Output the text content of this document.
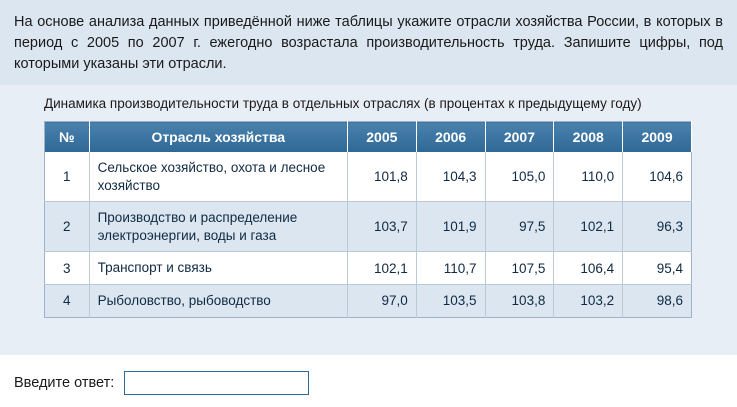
На основе анализа данных приведённой ниже таблицы укажите отрасли хозяйства России, в которых в период с 2005 по 2007 г. ежегодно возрастала производительность труда. Запишите цифры, под которыми указаны эти отрасли.

Динамика производительности труда в отдельных отраслях (в процентах к предыдущему году)
№	Отрасль хозяйства	2005	2006	2007	2008	2009
1	Сельское хозяйство, охота и лесное хозяйство	101,8	104,3	105,0	110,0	104,6
2	Производство и распределение электроэнергии, воды и газа	103,7	101,9	97,5	102,1	96,3
3	Транспорт и связь	102,1	110,7	107,5	106,4	95,4
4	Рыболовство, рыбоводство	97,0	103,5	103,8	103,2	98,6
Введите ответ:
